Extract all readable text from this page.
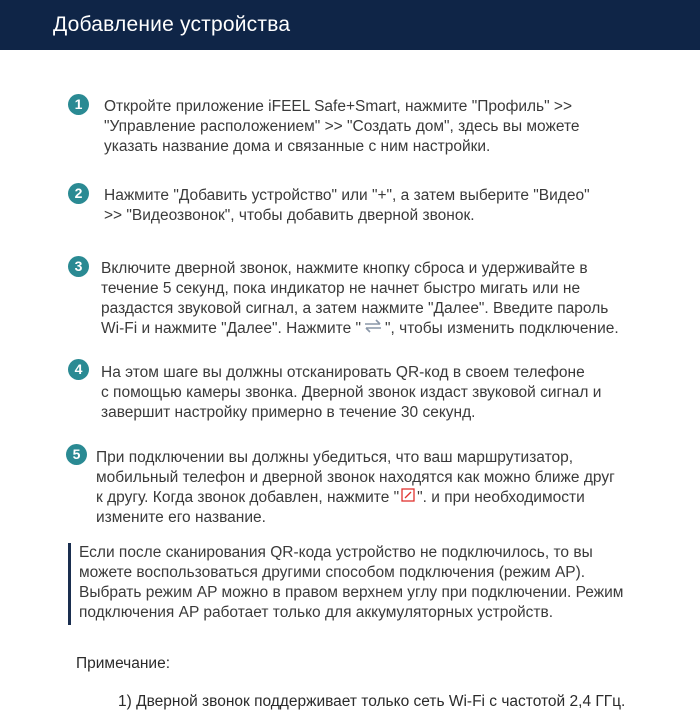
Добавление устройства
1	Откройте приложение iFEEL Safe+Smart, нажмите "Профиль" >>
"Управление расположением" >> "Создать дом", здесь вы можете
указать название дома и связанные с ним настройки.
2	Нажмите "Добавить устройство" или "+", а затем выберите "Видео"
>> "Видеозвонок", чтобы добавить дверной звонок.
3	Включите дверной звонок, нажмите кнопку сброса и удерживайте в
течение 5 секунд, пока индикатор не начнет быстро мигать или не
раздастся звуковой сигнал, а затем нажмите "Далее". Введите пароль
Wi-Fi и нажмите "Далее". Нажмите " ", чтобы изменить подключение.
4	На этом шаге вы должны отсканировать QR-код в своем телефоне
с помощью камеры звонка. Дверной звонок издаст звуковой сигнал и
завершит настройку примерно в течение 30 секунд.
5	При подключении вы должны убедиться, что ваш маршрутизатор,
мобильный телефон и дверной звонок находятся как можно ближе друг
к другу. Когда звонок добавлен, нажмите " ". и при необходимости
измените его название.
Если после сканирования QR-кода устройство не подключилось, то вы
можете воспользоваться другими способом подключения (режим AP).
Выбрать режим AP можно в правом верхнем углу при подключении. Режим
подключения AP работает только для аккумуляторных устройств.
Примечание:
1) Дверной звонок поддерживает только сеть Wi-Fi с частотой 2,4 ГГц.
